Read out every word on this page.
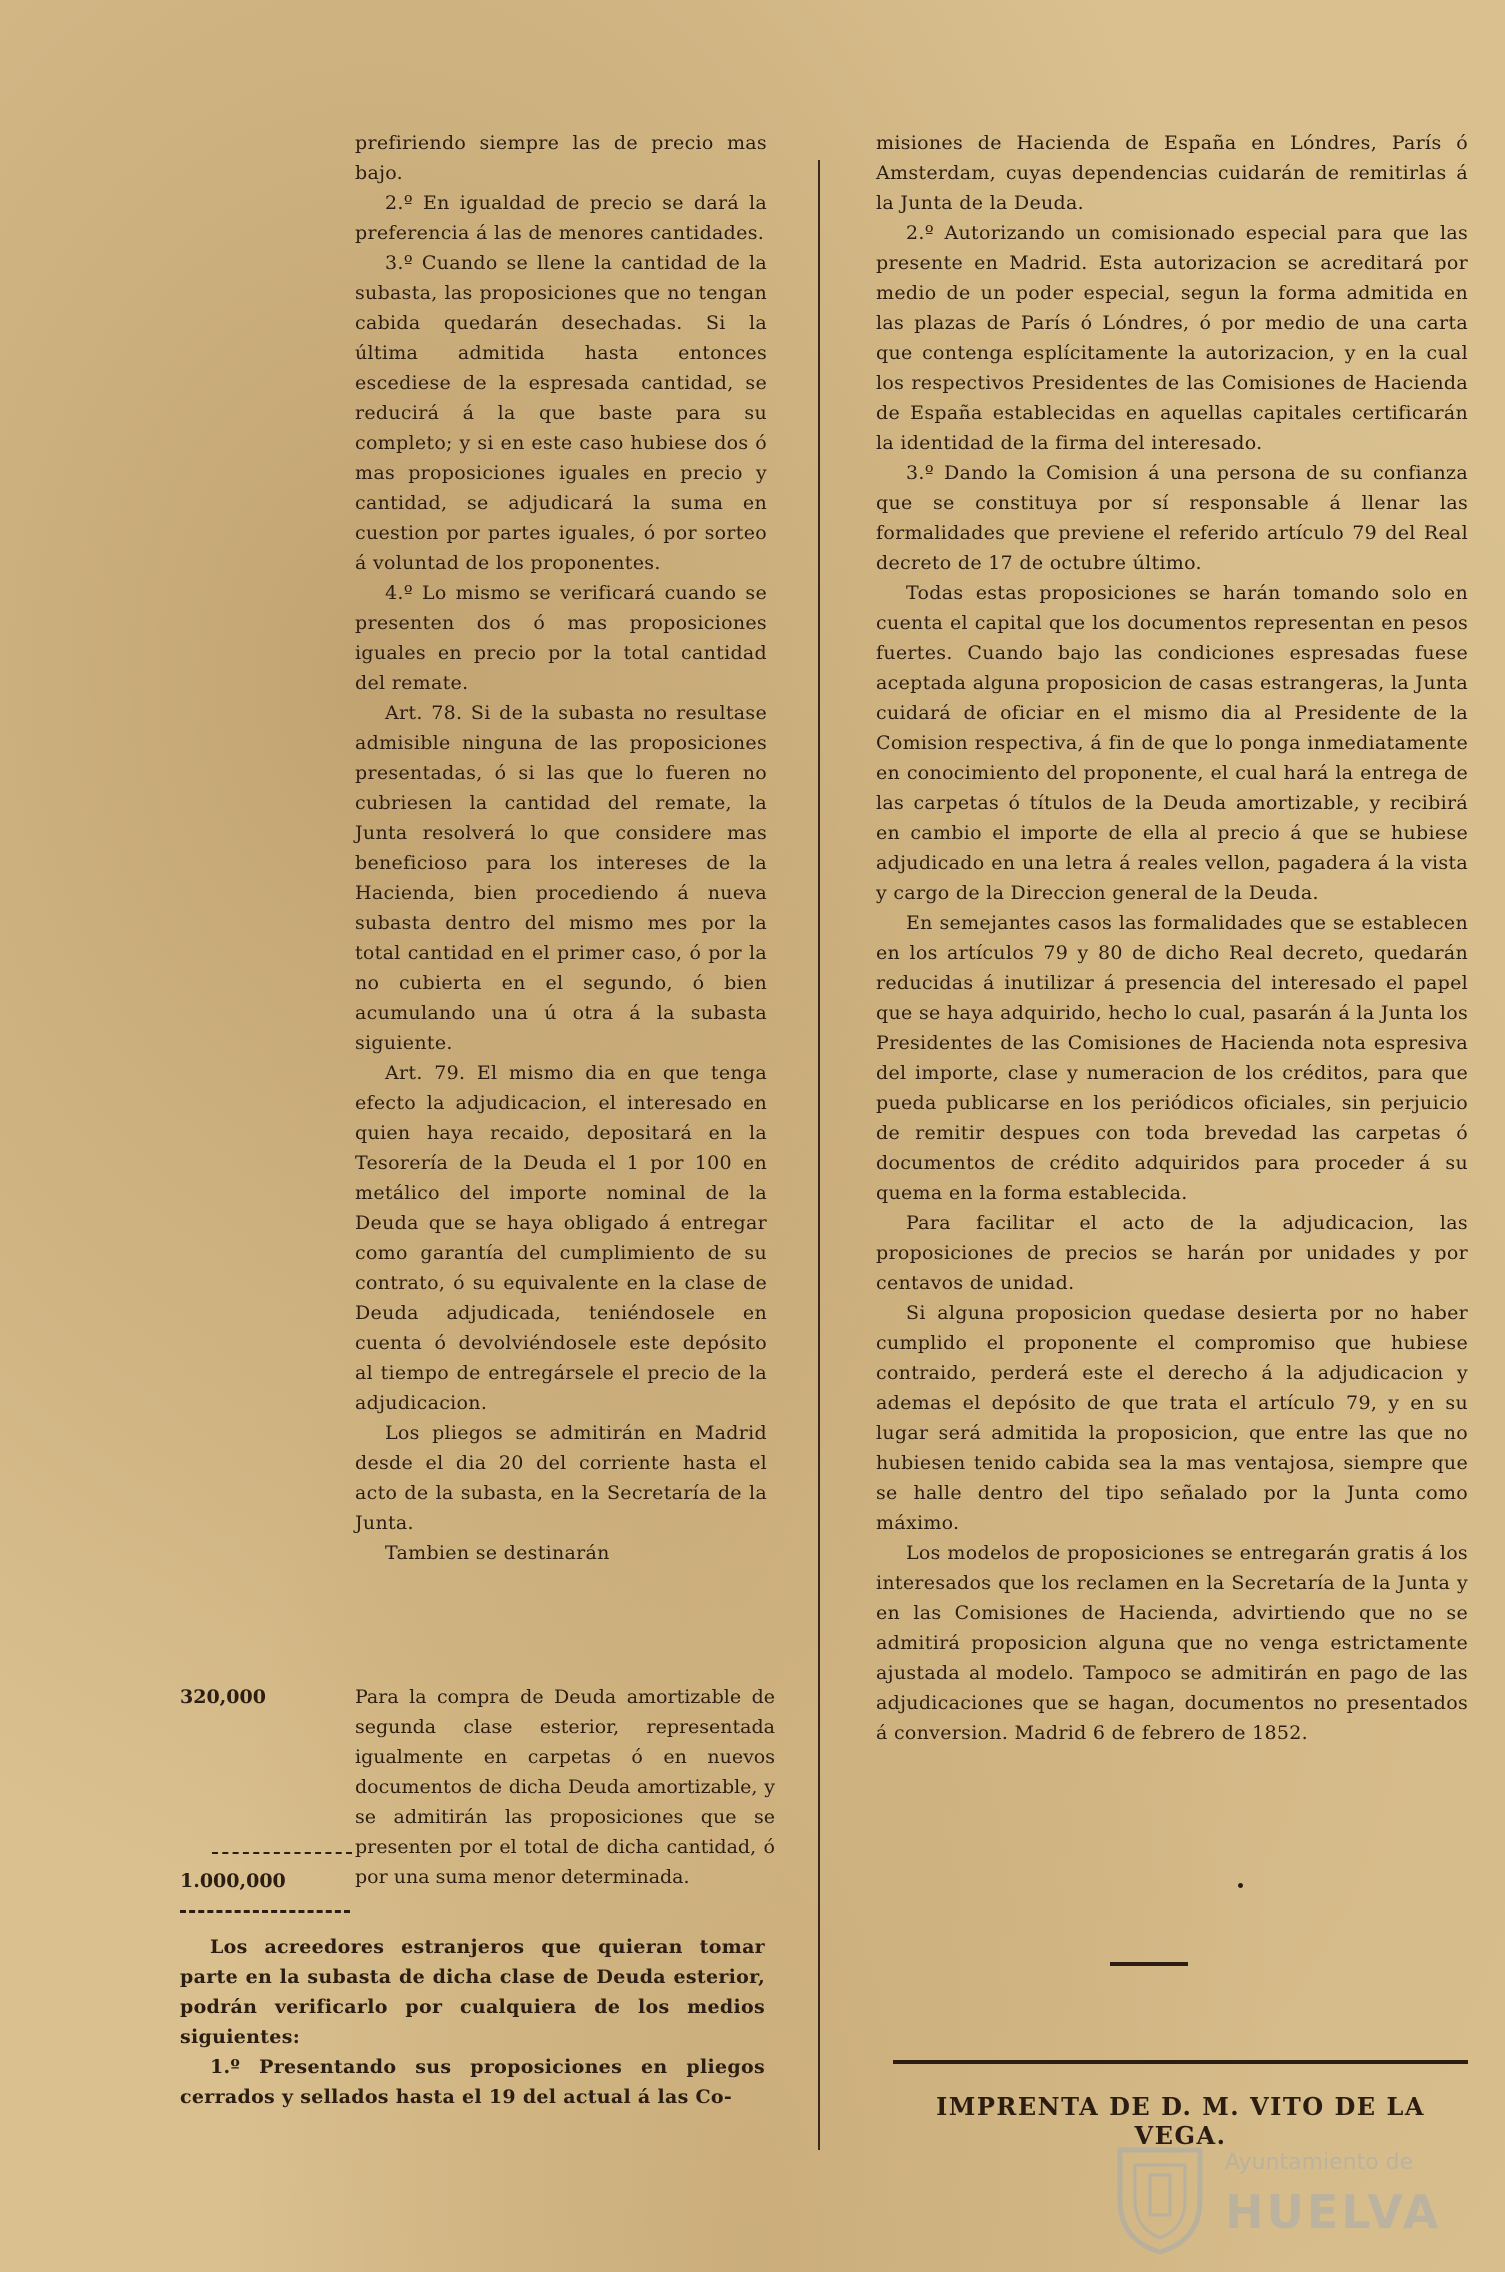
prefiriendo siempre las de precio mas bajo.

2.º En igualdad de precio se dará la preferencia á las de menores cantidades.

3.º Cuando se llene la cantidad de la subasta, las proposiciones que no tengan cabida quedarán desechadas. Si la última admitida hasta entonces escediese de la espresada cantidad, se reducirá á la que baste para su completo; y si en este caso hubiese dos ó mas proposiciones iguales en precio y cantidad, se adjudicará la suma en cuestion por partes iguales, ó por sorteo á voluntad de los proponentes.

4.º Lo mismo se verificará cuando se presenten dos ó mas proposiciones iguales en precio por la total cantidad del remate.

Art. 78. Si de la subasta no resultase admisible ninguna de las proposiciones presentadas, ó si las que lo fueren no cubriesen la cantidad del remate, la Junta resolverá lo que considere mas beneficioso para los intereses de la Hacienda, bien procediendo á nueva subasta dentro del mismo mes por la total cantidad en el primer caso, ó por la no cubierta en el segundo, ó bien acumulando una ú otra á la subasta siguiente.

Art. 79. El mismo dia en que tenga efecto la adjudicacion, el interesado en quien haya recaido, depositará en la Tesorería de la Deuda el 1 por 100 en metálico del importe nominal de la Deuda que se haya obligado á entregar como garantía del cumplimiento de su contrato, ó su equivalente en la clase de Deuda adjudicada, teniéndosele en cuenta ó devolviéndosele este depósito al tiempo de entregársele el precio de la adjudicacion.

Los pliegos se admitirán en Madrid desde el dia 20 del corriente hasta el acto de la subasta, en la Secretaría de la Junta.

Tambien se destinarán

320,000	Para la compra de Deuda amortizable de segunda clase esterior, representada igualmente en carpetas ó en nuevos documentos de dicha Deuda amortizable, y se admitirán las proposiciones que se presenten por el total de dicha cantidad, ó por una suma menor determinada.
1.000,000

Los acreedores estranjeros que quieran tomar parte en la subasta de dicha clase de Deuda esterior, podrán verificarlo por cualquiera de los medios siguientes:

1.º Presentando sus proposiciones en pliegos cerrados y sellados hasta el 19 del actual á las Co-

misiones de Hacienda de España en Lóndres, París ó Amsterdam, cuyas dependencias cuidarán de remitirlas á la Junta de la Deuda.

2.º Autorizando un comisionado especial para que las presente en Madrid. Esta autorizacion se acreditará por medio de un poder especial, segun la forma admitida en las plazas de París ó Lóndres, ó por medio de una carta que contenga esplícitamente la autorizacion, y en la cual los respectivos Presidentes de las Comisiones de Hacienda de España establecidas en aquellas capitales certificarán la identidad de la firma del interesado.

3.º Dando la Comision á una persona de su confianza que se constituya por sí responsable á llenar las formalidades que previene el referido artículo 79 del Real decreto de 17 de octubre último.

Todas estas proposiciones se harán tomando solo en cuenta el capital que los documentos representan en pesos fuertes. Cuando bajo las condiciones espresadas fuese aceptada alguna proposicion de casas estrangeras, la Junta cuidará de oficiar en el mismo dia al Presidente de la Comision respectiva, á fin de que lo ponga inmediatamente en conocimiento del proponente, el cual hará la entrega de las carpetas ó títulos de la Deuda amortizable, y recibirá en cambio el importe de ella al precio á que se hubiese adjudicado en una letra á reales vellon, pagadera á la vista y cargo de la Direccion general de la Deuda.

En semejantes casos las formalidades que se establecen en los artículos 79 y 80 de dicho Real decreto, quedarán reducidas á inutilizar á presencia del interesado el papel que se haya adquirido, hecho lo cual, pasarán á la Junta los Presidentes de las Comisiones de Hacienda nota espresiva del importe, clase y numeracion de los créditos, para que pueda publicarse en los periódicos oficiales, sin perjuicio de remitir despues con toda brevedad las carpetas ó documentos de crédito adquiridos para proceder á su quema en la forma establecida.

Para facilitar el acto de la adjudicacion, las proposiciones de precios se harán por unidades y por centavos de unidad.

Si alguna proposicion quedase desierta por no haber cumplido el proponente el compromiso que hubiese contraido, perderá este el derecho á la adjudicacion y ademas el depósito de que trata el artículo 79, y en su lugar será admitida la proposicion, que entre las que no hubiesen tenido cabida sea la mas ventajosa, siempre que se halle dentro del tipo señalado por la Junta como máximo.

Los modelos de proposiciones se entregarán gratis á los interesados que los reclamen en la Secretaría de la Junta y en las Comisiones de Hacienda, advirtiendo que no se admitirá proposicion alguna que no venga estrictamente ajustada al modelo. Tampoco se admitirán en pago de las adjudicaciones que se hagan, documentos no presentados á conversion. Madrid 6 de febrero de 1852.

IMPRENTA DE D. M. VITO DE LA VEGA.
Ayuntamiento de
HUELVA
